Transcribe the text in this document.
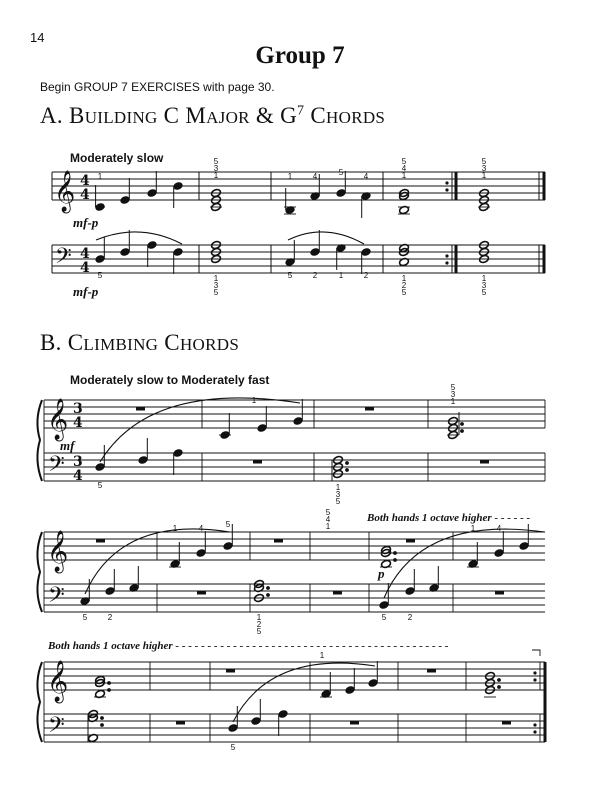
14
Group 7
Begin GROUP 7 EXERCISES with page 30.
A. BUILDING C MAJOR & $G^7$ CHORDS
Moderately slow
B. CLIMBING CHORDS
Moderately slow to Moderately fast
Both hands 1 octave higher - - - - - -
Both hands 1 octave higher - - - - - - - - - - - - - - - - - - - - - - - - - - - - - - - - - - - - - - - - - - -
𝄞
𝄢
4
4
4
4
1
5
3
1	1	4	5	4
5
4
1
5
3
1
5	1
3
5
5	2	1	2	1
2
5
1
3
5
mf-p
mf-p
𝄞
𝄢
3
4
3
4
1
5
3
1
5	1
3
5
mf
𝄞
𝄢
1	4	5
5
4
1	1	4
5	2	1
2
5
5	2
p
𝄞
𝄢
1
5
